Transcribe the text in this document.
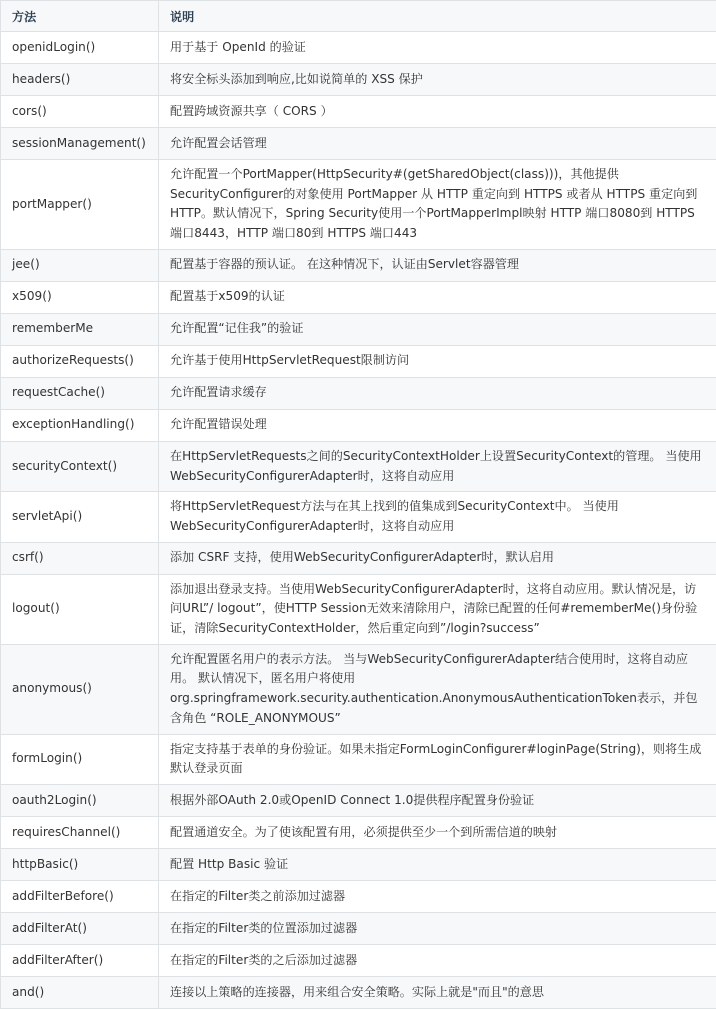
方法	说明
openidLogin()	用于基于 OpenId 的验证
headers()	将安全标头添加到响应,比如说简单的 XSS 保护
cors()	配置跨域资源共享（ CORS ）
sessionManagement()	允许配置会话管理
portMapper()	允许配置一个PortMapper(HttpSecurity#(getSharedObject(class)))，其他提供SecurityConfigurer的对象使用 PortMapper 从 HTTP 重定向到 HTTPS 或者从 HTTPS 重定向到 HTTP。默认情况下，Spring Security使用一个PortMapperImpl映射 HTTP 端口8080到 HTTPS 端口8443，HTTP 端口80到 HTTPS 端口443
jee()	配置基于容器的预认证。 在这种情况下，认证由Servlet容器管理
x509()	配置基于x509的认证
rememberMe	允许配置“记住我”的验证
authorizeRequests()	允许基于使用HttpServletRequest限制访问
requestCache()	允许配置请求缓存
exceptionHandling()	允许配置错误处理
securityContext()	在HttpServletRequests之间的SecurityContextHolder上设置SecurityContext的管理。 当使用WebSecurityConfigurerAdapter时，这将自动应用
servletApi()	将HttpServletRequest方法与在其上找到的值集成到SecurityContext中。 当使用WebSecurityConfigurerAdapter时，这将自动应用
csrf()	添加 CSRF 支持，使用WebSecurityConfigurerAdapter时，默认启用
logout()	添加退出登录支持。当使用WebSecurityConfigurerAdapter时，这将自动应用。默认情况是，访问URL”/ logout”，使HTTP Session无效来清除用户，清除已配置的任何#rememberMe()身份验证，清除SecurityContextHolder，然后重定向到”/login?success”
anonymous()	允许配置匿名用户的表示方法。 当与WebSecurityConfigurerAdapter结合使用时，这将自动应用。 默认情况下，匿名用户将使用org.springframework.security.authentication.AnonymousAuthenticationToken表示，并包含角色 “ROLE_ANONYMOUS”
formLogin()	指定支持基于表单的身份验证。如果未指定FormLoginConfigurer#loginPage(String)，则将生成默认登录页面
oauth2Login()	根据外部OAuth 2.0或OpenID Connect 1.0提供程序配置身份验证
requiresChannel()	配置通道安全。为了使该配置有用，必须提供至少一个到所需信道的映射
httpBasic()	配置 Http Basic 验证
addFilterBefore()	在指定的Filter类之前添加过滤器
addFilterAt()	在指定的Filter类的位置添加过滤器
addFilterAfter()	在指定的Filter类的之后添加过滤器
and()	连接以上策略的连接器，用来组合安全策略。实际上就是"而且"的意思
